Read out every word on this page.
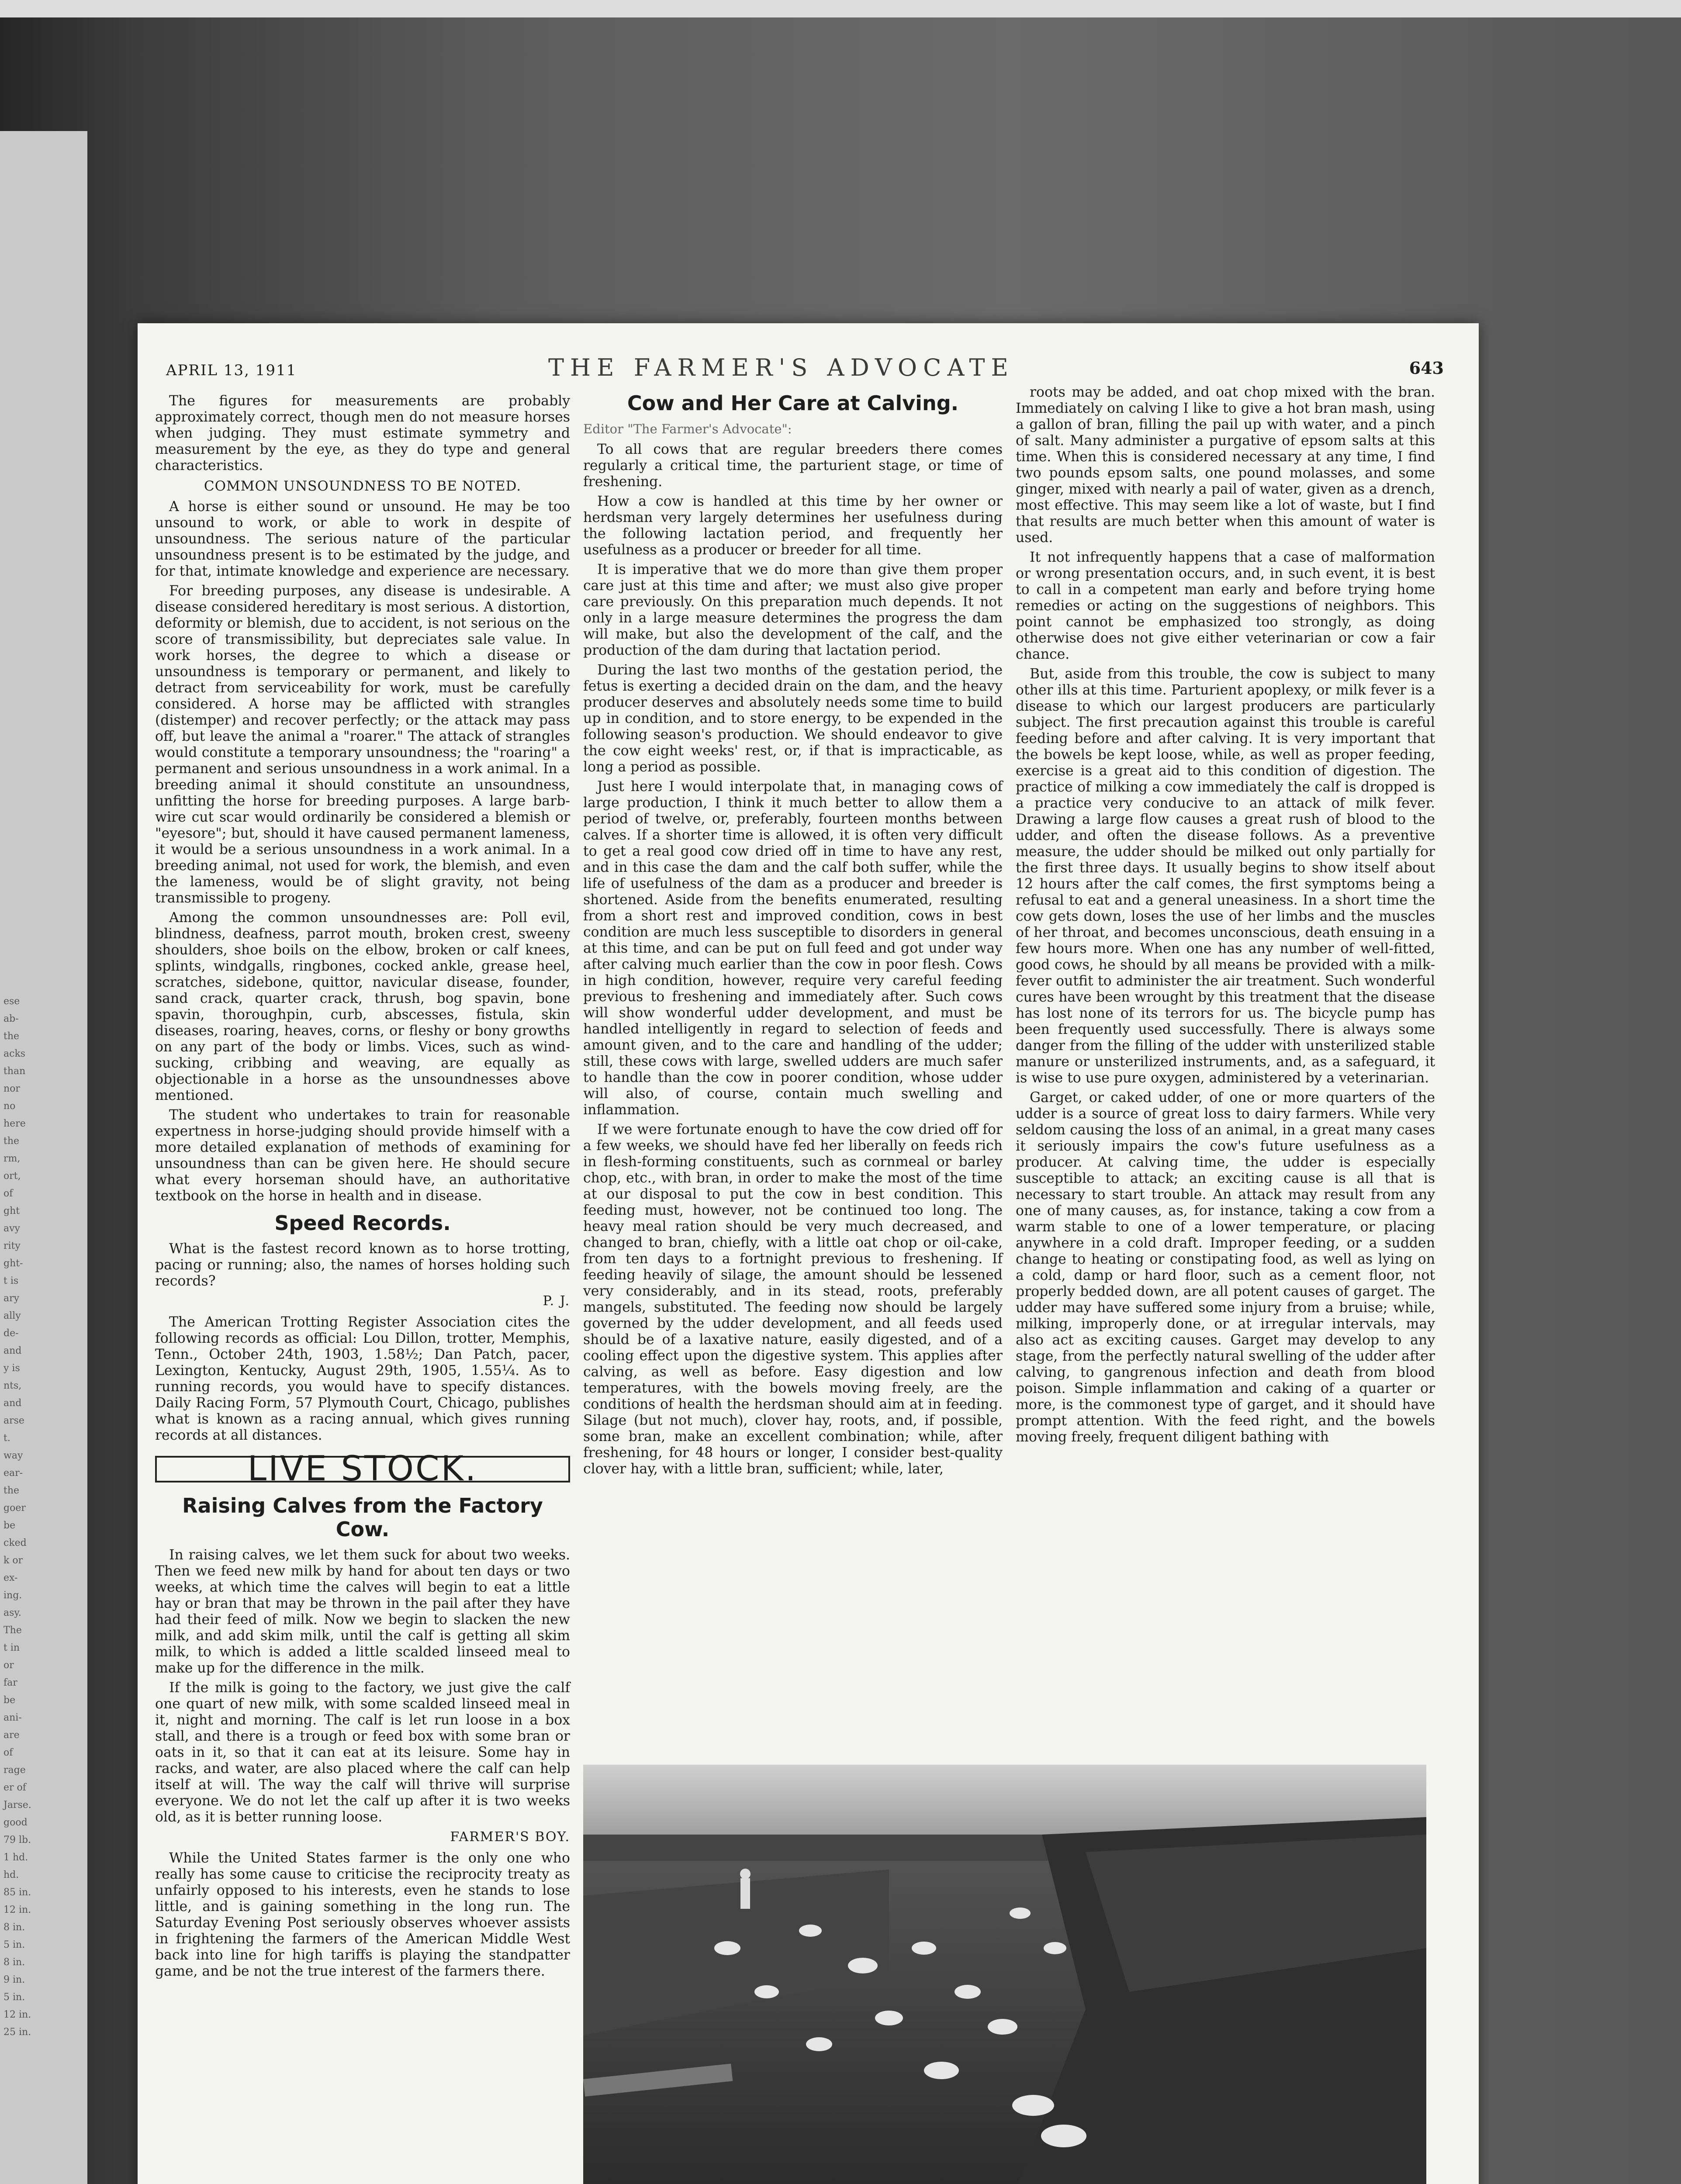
ese
ab-
the
acks
than
nor
no
here
the
rm,
ort,
of
ght
avy
rity
ght-
t is
ary
ally
de-
and
y is
nts,
and
arse
t.
way
ear-
the
goer
be
cked
k or
ex-
ing.
asy.
The
t in
or
far
be
ani-
are
of
rage
er of
Jarse.
good
79 lb.
1 hd.
hd.
85 in.
12 in.
8 in.
5 in.
8 in.
9 in.
5 in.
12 in.
25 in.
APRIL 13, 1911	THE FARMER'S ADVOCATE	643

The figures for measurements are probably approximately correct, though men do not measure horses when judging. They must estimate symmetry and measurement by the eye, as they do type and general characteristics.

COMMON UNSOUNDNESS TO BE NOTED.

A horse is either sound or unsound. He may be too unsound to work, or able to work in despite of unsoundness. The serious nature of the particular unsoundness present is to be estimated by the judge, and for that, intimate knowledge and experience are necessary.

For breeding purposes, any disease is undesirable. A disease considered hereditary is most serious. A distortion, deformity or blemish, due to accident, is not serious on the score of transmissibility, but depreciates sale value. In work horses, the degree to which a disease or unsoundness is temporary or permanent, and likely to detract from serviceability for work, must be carefully considered. A horse may be afflicted with strangles (distemper) and recover perfectly; or the attack may pass off, but leave the animal a "roarer." The attack of strangles would constitute a temporary unsoundness; the "roaring" a permanent and serious unsoundness in a work animal. In a breeding animal it should constitute an unsoundness, unfitting the horse for breeding purposes. A large barb-wire cut scar would ordinarily be considered a blemish or "eyesore"; but, should it have caused permanent lameness, it would be a serious unsoundness in a work animal. In a breeding animal, not used for work, the blemish, and even the lameness, would be of slight gravity, not being transmissible to progeny.

Among the common unsoundnesses are: Poll evil, blindness, deafness, parrot mouth, broken crest, sweeny shoulders, shoe boils on the elbow, broken or calf knees, splints, windgalls, ringbones, cocked ankle, grease heel, scratches, sidebone, quittor, navicular disease, founder, sand crack, quarter crack, thrush, bog spavin, bone spavin, thoroughpin, curb, abscesses, fistula, skin diseases, roaring, heaves, corns, or fleshy or bony growths on any part of the body or limbs. Vices, such as wind-sucking, cribbing and weaving, are equally as objectionable in a horse as the unsoundnesses above mentioned.

The student who undertakes to train for reasonable expertness in horse-judging should provide himself with a more detailed explanation of methods of examining for unsoundness than can be given here. He should secure what every horseman should have, an authoritative textbook on the horse in health and in disease.

Speed Records.

What is the fastest record known as to horse trotting, pacing or running; also, the names of horses holding such records?

P. J.

The American Trotting Register Association cites the following records as official: Lou Dillon, trotter, Memphis, Tenn., October 24th, 1903, 1.58½; Dan Patch, pacer, Lexington, Kentucky, August 29th, 1905, 1.55¼. As to running records, you would have to specify distances. Daily Racing Form, 57 Plymouth Court, Chicago, publishes what is known as a racing annual, which gives running records at all distances.

LIVE STOCK.
Raising Calves from the Factory Cow.

In raising calves, we let them suck for about two weeks. Then we feed new milk by hand for about ten days or two weeks, at which time the calves will begin to eat a little hay or bran that may be thrown in the pail after they have had their feed of milk. Now we begin to slacken the new milk, and add skim milk, until the calf is getting all skim milk, to which is added a little scalded linseed meal to make up for the difference in the milk.

If the milk is going to the factory, we just give the calf one quart of new milk, with some scalded linseed meal in it, night and morning. The calf is let run loose in a box stall, and there is a trough or feed box with some bran or oats in it, so that it can eat at its leisure. Some hay in racks, and water, are also placed where the calf can help itself at will. The way the calf will thrive will surprise everyone. We do not let the calf up after it is two weeks old, as it is better running loose.

FARMER'S BOY.

While the United States farmer is the only one who really has some cause to criticise the reciprocity treaty as unfairly opposed to his interests, even he stands to lose little, and is gaining something in the long run. The Saturday Evening Post seriously observes whoever assists in frightening the farmers of the American Middle West back into line for high tariffs is playing the standpatter game, and be not the true interest of the farmers there.

Cow and Her Care at Calving.
Editor "The Farmer's Advocate":

To all cows that are regular breeders there comes regularly a critical time, the parturient stage, or time of freshening.

How a cow is handled at this time by her owner or herdsman very largely determines her usefulness during the following lactation period, and frequently her usefulness as a producer or breeder for all time.

It is imperative that we do more than give them proper care just at this time and after; we must also give proper care previously. On this preparation much depends. It not only in a large measure determines the progress the dam will make, but also the development of the calf, and the production of the dam during that lactation period.

During the last two months of the gestation period, the fetus is exerting a decided drain on the dam, and the heavy producer deserves and absolutely needs some time to build up in condition, and to store energy, to be expended in the following season's production. We should endeavor to give the cow eight weeks' rest, or, if that is impracticable, as long a period as possible.

Just here I would interpolate that, in managing cows of large production, I think it much better to allow them a period of twelve, or, preferably, fourteen months between calves. If a shorter time is allowed, it is often very difficult to get a real good cow dried off in time to have any rest, and in this case the dam and the calf both suffer, while the life of usefulness of the dam as a producer and breeder is shortened. Aside from the benefits enumerated, resulting from a short rest and improved condition, cows in best condition are much less susceptible to disorders in general at this time, and can be put on full feed and got under way after calving much earlier than the cow in poor flesh. Cows in high condition, however, require very careful feeding previous to freshening and immediately after. Such cows will show wonderful udder development, and must be handled intelligently in regard to selection of feeds and amount given, and to the care and handling of the udder; still, these cows with large, swelled udders are much safer to handle than the cow in poorer condition, whose udder will also, of course, contain much swelling and inflammation.

If we were fortunate enough to have the cow dried off for a few weeks, we should have fed her liberally on feeds rich in flesh-forming constituents, such as cornmeal or barley chop, etc., with bran, in order to make the most of the time at our disposal to put the cow in best condition. This feeding must, however, not be continued too long. The heavy meal ration should be very much decreased, and changed to bran, chiefly, with a little oat chop or oil-cake, from ten days to a fortnight previous to freshening. If feeding heavily of silage, the amount should be lessened very considerably, and in its stead, roots, preferably mangels, substituted. The feeding now should be largely governed by the udder development, and all feeds used should be of a laxative nature, easily digested, and of a cooling effect upon the digestive system. This applies after calving, as well as before. Easy digestion and low temperatures, with the bowels moving freely, are the conditions of health the herdsman should aim at in feeding. Silage (but not much), clover hay, roots, and, if possible, some bran, make an excellent combination; while, after freshening, for 48 hours or longer, I consider best-quality clover hay, with a little bran, sufficient; while, later,

roots may be added, and oat chop mixed with the bran. Immediately on calving I like to give a hot bran mash, using a gallon of bran, filling the pail up with water, and a pinch of salt. Many administer a purgative of epsom salts at this time. When this is considered necessary at any time, I find two pounds epsom salts, one pound molasses, and some ginger, mixed with nearly a pail of water, given as a drench, most effective. This may seem like a lot of waste, but I find that results are much better when this amount of water is used.

It not infrequently happens that a case of malformation or wrong presentation occurs, and, in such event, it is best to call in a competent man early and before trying home remedies or acting on the suggestions of neighbors. This point cannot be emphasized too strongly, as doing otherwise does not give either veterinarian or cow a fair chance.

But, aside from this trouble, the cow is subject to many other ills at this time. Parturient apoplexy, or milk fever is a disease to which our largest producers are particularly subject. The first precaution against this trouble is careful feeding before and after calving. It is very important that the bowels be kept loose, while, as well as proper feeding, exercise is a great aid to this condition of digestion. The practice of milking a cow immediately the calf is dropped is a practice very conducive to an attack of milk fever. Drawing a large flow causes a great rush of blood to the udder, and often the disease follows. As a preventive measure, the udder should be milked out only partially for the first three days. It usually begins to show itself about 12 hours after the calf comes, the first symptoms being a refusal to eat and a general uneasiness. In a short time the cow gets down, loses the use of her limbs and the muscles of her throat, and becomes unconscious, death ensuing in a few hours more. When one has any number of well-fitted, good cows, he should by all means be provided with a milk-fever outfit to administer the air treatment. Such wonderful cures have been wrought by this treatment that the disease has lost none of its terrors for us. The bicycle pump has been frequently used successfully. There is always some danger from the filling of the udder with unsterilized stable manure or unsterilized instruments, and, as a safeguard, it is wise to use pure oxygen, administered by a veterinarian.

Garget, or caked udder, of one or more quarters of the udder is a source of great loss to dairy farmers. While very seldom causing the loss of an animal, in a great many cases it seriously impairs the cow's future usefulness as a producer. At calving time, the udder is especially susceptible to attack; an exciting cause is all that is necessary to start trouble. An attack may result from any one of many causes, as, for instance, taking a cow from a warm stable to one of a lower temperature, or placing anywhere in a cold draft. Improper feeding, or a sudden change to heating or constipating food, as well as lying on a cold, damp or hard floor, such as a cement floor, not properly bedded down, are all potent causes of garget. The udder may have suffered some injury from a bruise; while, milking, improperly done, or at irregular intervals, may also act as exciting causes. Garget may develop to any stage, from the perfectly natural swelling of the udder after calving, to gangrenous infection and death from blood poison. Simple inflammation and caking of a quarter or more, is the commonest type of garget, and it should have prompt attention. With the feed right, and the bowels moving freely, frequent diligent bathing with
